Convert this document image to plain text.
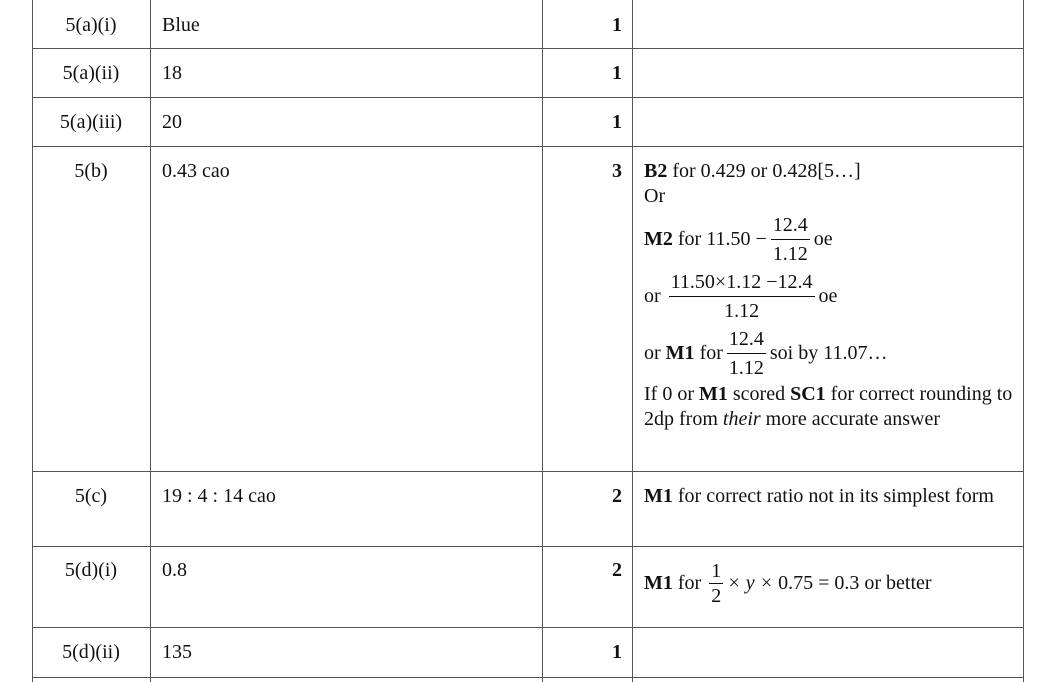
5(a)(i)	Blue	1
5(a)(ii)	18	1
5(a)(iii)	20	1
5(b)	0.43 cao	3 B2 for 0.429 or 0.428[5…]
Or
M2 for $11.50 - \frac{12.4}{1.12}$ oe
or $\frac{11.50\times 1.12 -12.4}{1.12}$ oe
or M1 for $\frac{12.4}{1.12}$ soi by 11.07…
If 0 or M1 scored SC1 for correct rounding to 2dp from their more accurate answer
5(c)	19 : 4 : 14 cao	2 M1 for correct ratio not in its simplest form
5(d)(i)	0.8	2
M1 for $\frac{1}{2} \times y \times 0.75 = 0.3$ or better
5(d)(ii)	135	1
